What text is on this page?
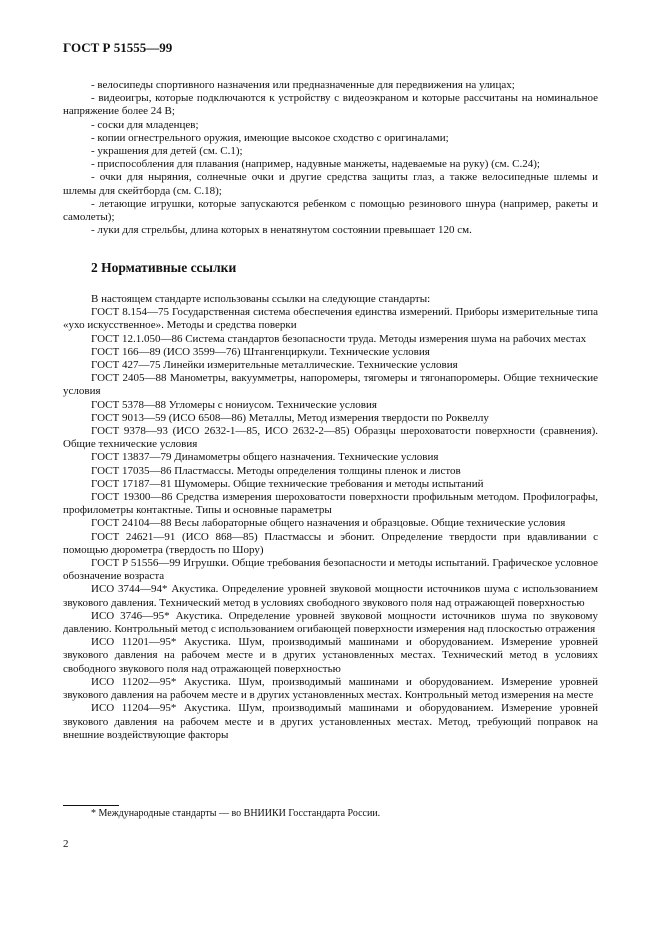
ГОСТ Р 51555—99

- велосипеды спортивного назначения или предназначенные для передвижения на улицах;

- видеоигры, которые подключаются к устройству с видеоэкраном и которые рассчитаны на номинальное напряжение более 24 В;

- соски для младенцев;

- копии огнестрельного оружия, имеющие высокое сходство с оригиналами;

- украшения для детей (см. С.1);

- приспособления для плавания (например, надувные манжеты, надеваемые на руку) (см. С.24);

- очки для ныряния, солнечные очки и другие средства защиты глаз, а также велосипедные шлемы и шлемы для скейтборда (см. С.18);

- летающие игрушки, которые запускаются ребенком с помощью резинового шнура (например, ракеты и самолеты);

- луки для стрельбы, длина которых в ненатянутом состоянии превышает 120 см.

2 Нормативные ссылки

В настоящем стандарте использованы ссылки на следующие стандарты:

ГОСТ 8.154—75 Государственная система обеспечения единства измерений. Приборы измерительные типа «ухо искусственное». Методы и средства поверки

ГОСТ 12.1.050—86 Система стандартов безопасности труда. Методы измерения шума на рабочих местах

ГОСТ 166—89 (ИСО 3599—76) Штангенциркули. Технические условия

ГОСТ 427—75 Линейки измерительные металлические. Технические условия

ГОСТ 2405—88 Манометры, вакуумметры, напоромеры, тягомеры и тягонапоромеры. Общие технические условия

ГОСТ 5378—88 Угломеры с нониусом. Технические условия

ГОСТ 9013—59 (ИСО 6508—86) Металлы, Метод измерения твердости по Роквеллу

ГОСТ 9378—93 (ИСО 2632-1—85, ИСО 2632-2—85) Образцы шероховатости поверхности (сравнения). Общие технические условия

ГОСТ 13837—79 Динамометры общего назначения. Технические условия

ГОСТ 17035—86 Пластмассы. Методы определения толщины пленок и листов

ГОСТ 17187—81 Шумомеры. Общие технические требования и методы испытаний

ГОСТ 19300—86 Средства измерения шероховатости поверхности профильным методом. Профилографы, профилометры контактные. Типы и основные параметры

ГОСТ 24104—88 Весы лабораторные общего назначения и образцовые. Общие технические условия

ГОСТ 24621—91 (ИСО 868—85) Пластмассы и эбонит. Определение твердости при вдавливании с помощью дюрометра (твердость по Шору)

ГОСТ Р 51556—99 Игрушки. Общие требования безопасности и методы испытаний. Графическое условное обозначение возраста

ИСО 3744—94* Акустика. Определение уровней звуковой мощности источников шума с использованием звукового давления. Технический метод в условиях свободного звукового поля над отражающей поверхностью

ИСО 3746—95* Акустика. Определение уровней звуковой мощности источников шума по звуковому давлению. Контрольный метод с использованием огибающей поверхности измерения над плоскостью отражения

ИСО 11201—95* Акустика. Шум, производимый машинами и оборудованием. Измерение уровней звукового давления на рабочем месте и в других установленных местах. Технический метод в условиях свободного звукового поля над отражающей поверхностью

ИСО 11202—95* Акустика. Шум, производимый машинами и оборудованием. Измерение уровней звукового давления на рабочем месте и в других установленных местах. Контрольный метод измерения на месте

ИСО 11204—95* Акустика. Шум, производимый машинами и оборудованием. Измерение уровней звукового давления на рабочем месте и в других установленных местах. Метод, требующий поправок на внешние воздействующие факторы

* Международные стандарты — во ВНИИКИ Госстандарта России.
2
